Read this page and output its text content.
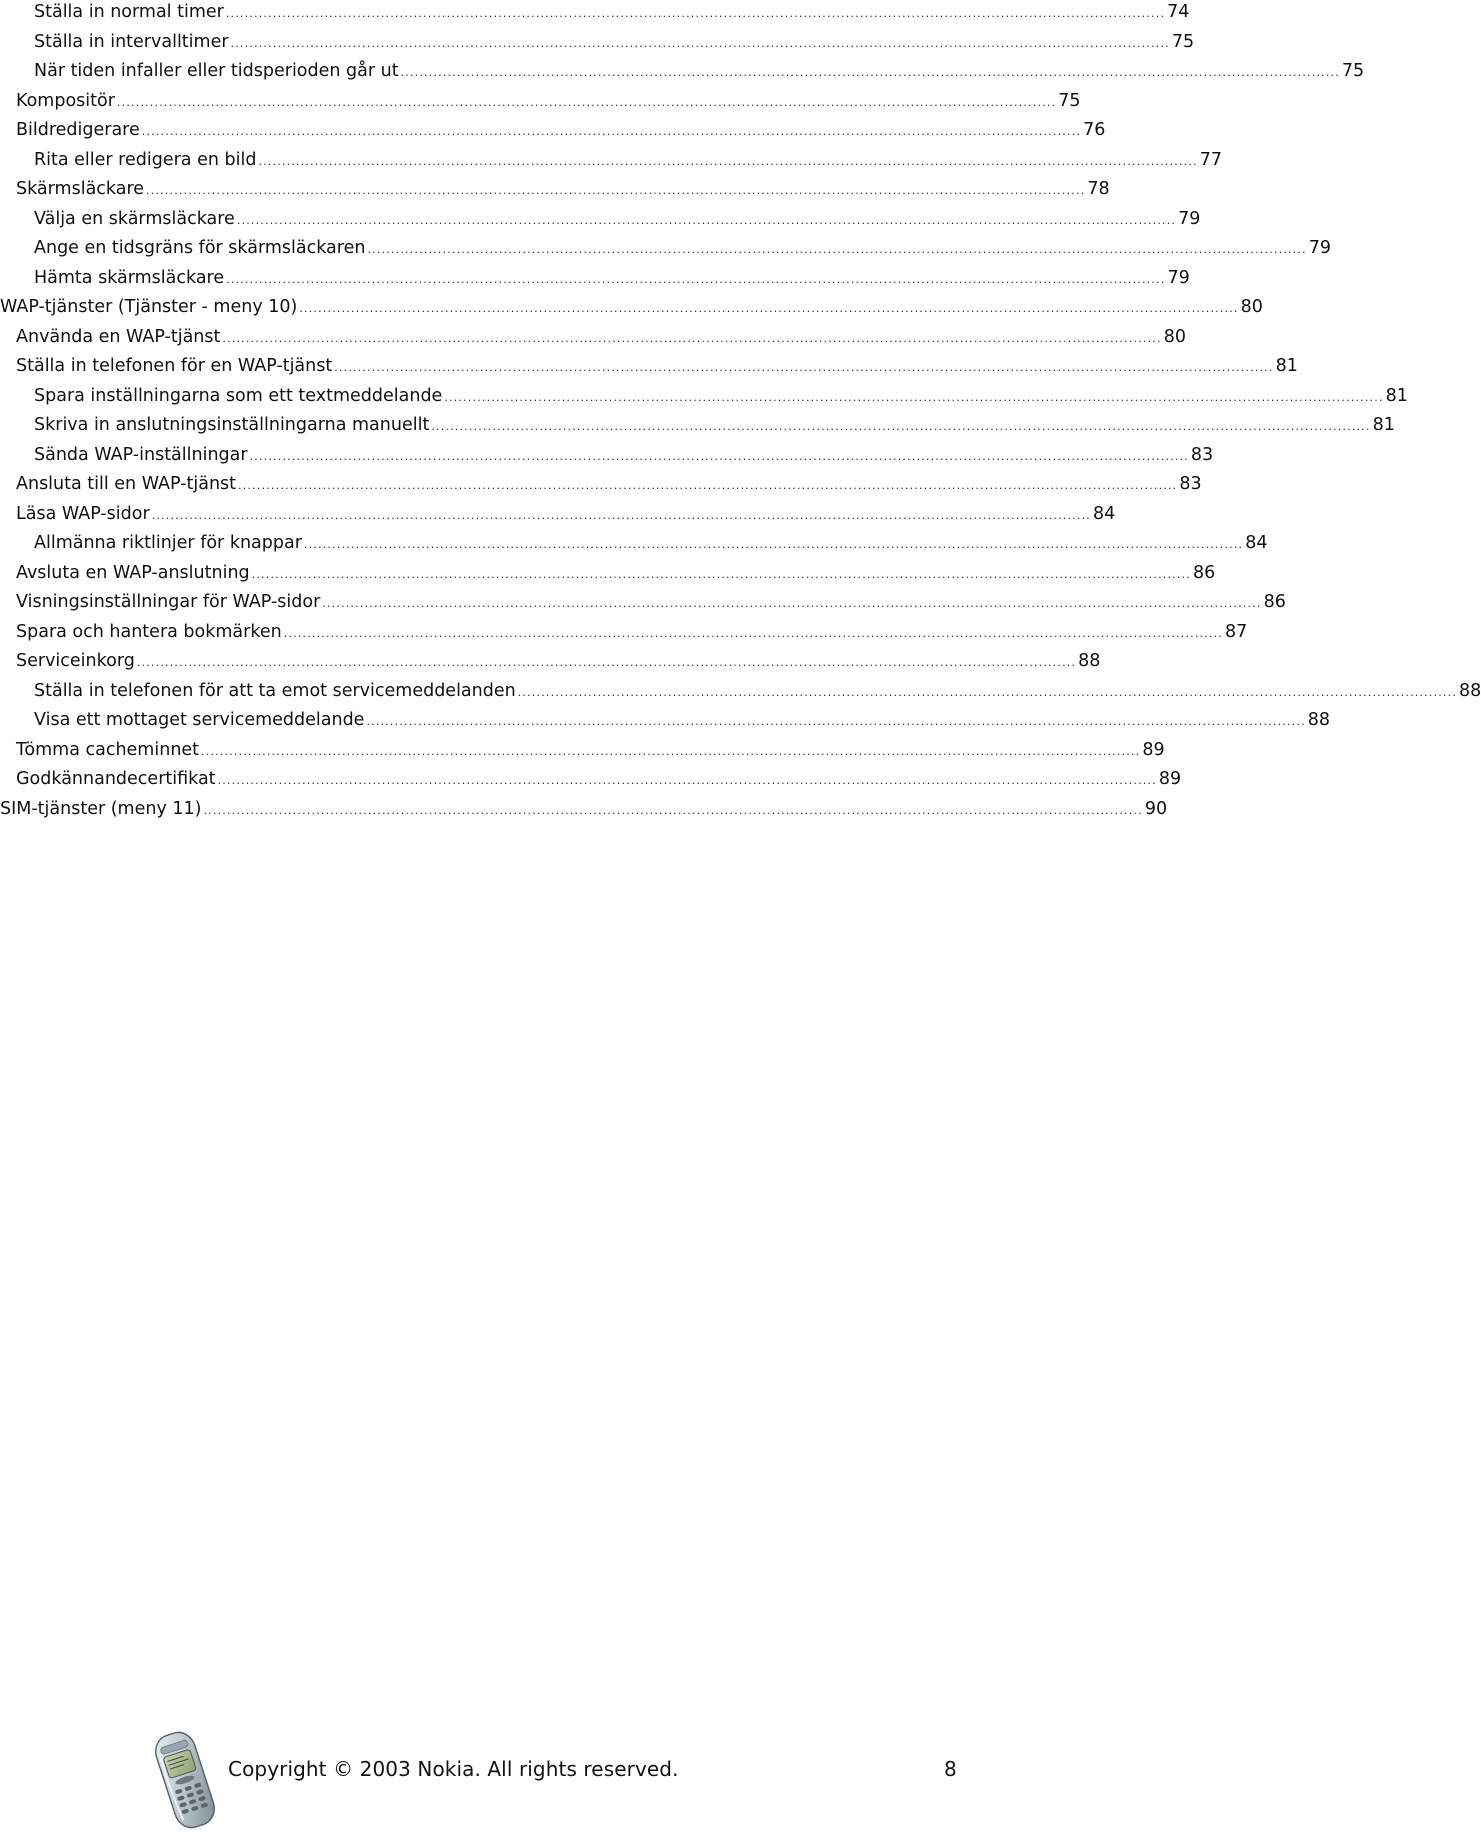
Ställa in normal timer ........................................................................................................................................................................................................ 74
Ställa in intervalltimer ........................................................................................................................................................................................................ 75
När tiden infaller eller tidsperioden går ut ........................................................................................................................................................................................................ 75
Kompositör ........................................................................................................................................................................................................ 75
Bildredigerare ........................................................................................................................................................................................................ 76
Rita eller redigera en bild ........................................................................................................................................................................................................ 77
Skärmsläckare ........................................................................................................................................................................................................ 78
Välja en skärmsläckare ........................................................................................................................................................................................................ 79
Ange en tidsgräns för skärmsläckaren ........................................................................................................................................................................................................ 79
Hämta skärmsläckare ........................................................................................................................................................................................................ 79
WAP-tjänster (Tjänster - meny 10) ........................................................................................................................................................................................................ 80
Använda en WAP-tjänst ........................................................................................................................................................................................................ 80
Ställa in telefonen för en WAP-tjänst ........................................................................................................................................................................................................ 81
Spara inställningarna som ett textmeddelande ........................................................................................................................................................................................................ 81
Skriva in anslutningsinställningarna manuellt ........................................................................................................................................................................................................ 81
Sända WAP-inställningar ........................................................................................................................................................................................................ 83
Ansluta till en WAP-tjänst ........................................................................................................................................................................................................ 83
Läsa WAP-sidor ........................................................................................................................................................................................................ 84
Allmänna riktlinjer för knappar ........................................................................................................................................................................................................ 84
Avsluta en WAP-anslutning ........................................................................................................................................................................................................ 86
Visningsinställningar för WAP-sidor ........................................................................................................................................................................................................ 86
Spara och hantera bokmärken ........................................................................................................................................................................................................ 87
Serviceinkorg ........................................................................................................................................................................................................ 88
Ställa in telefonen för att ta emot servicemeddelanden ........................................................................................................................................................................................................ 88
Visa ett mottaget servicemeddelande ........................................................................................................................................................................................................ 88
Tömma cacheminnet ........................................................................................................................................................................................................ 89
Godkännandecertifikat ........................................................................................................................................................................................................ 89
SIM-tjänster (meny 11) ........................................................................................................................................................................................................ 90
Copyright © 2003 Nokia. All rights reserved.	8
